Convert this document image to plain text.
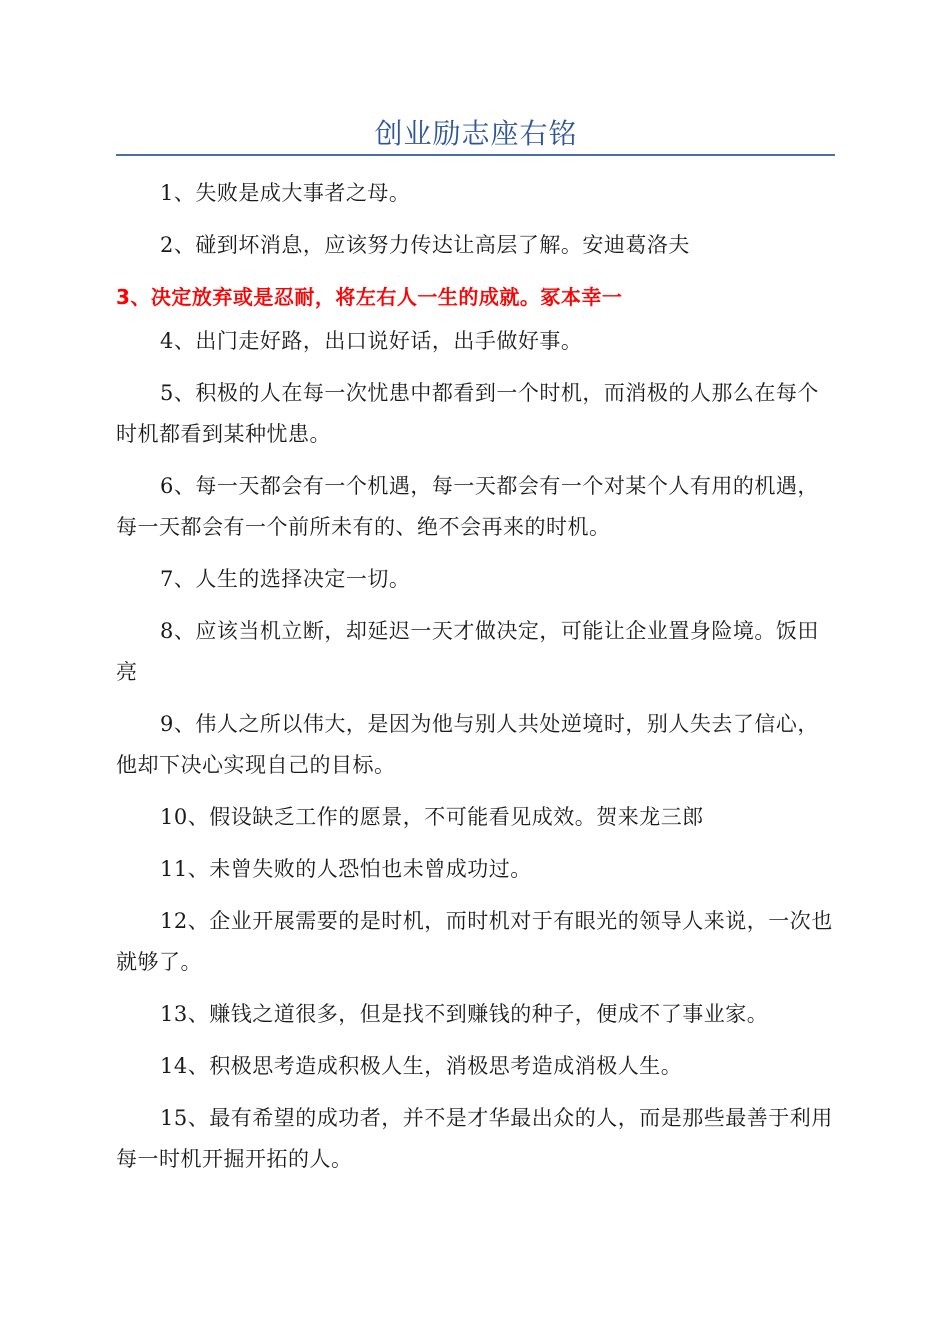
创业励志座右铭

1、失败是成大事者之母。

2、碰到坏消息，应该努力传达让高层了解。安迪葛洛夫

3、决定放弃或是忍耐，将左右人一生的成就。冢本幸一

4、出门走好路，出口说好话，出手做好事。

5、积极的人在每一次忧患中都看到一个时机，而消极的人那么在每个时机都看到某种忧患。

6、每一天都会有一个机遇，每一天都会有一个对某个人有用的机遇，每一天都会有一个前所未有的、绝不会再来的时机。

7、人生的选择决定一切。

8、应该当机立断，却延迟一天才做决定，可能让企业置身险境。饭田亮

9、伟人之所以伟大，是因为他与别人共处逆境时，别人失去了信心，他却下决心实现自己的目标。

10、假设缺乏工作的愿景，不可能看见成效。贺来龙三郎

11、未曾失败的人恐怕也未曾成功过。

12、企业开展需要的是时机，而时机对于有眼光的领导人来说，一次也就够了。

13、赚钱之道很多，但是找不到赚钱的种子，便成不了事业家。

14、积极思考造成积极人生，消极思考造成消极人生。

15、最有希望的成功者，并不是才华最出众的人，而是那些最善于利用每一时机开掘开拓的人。
